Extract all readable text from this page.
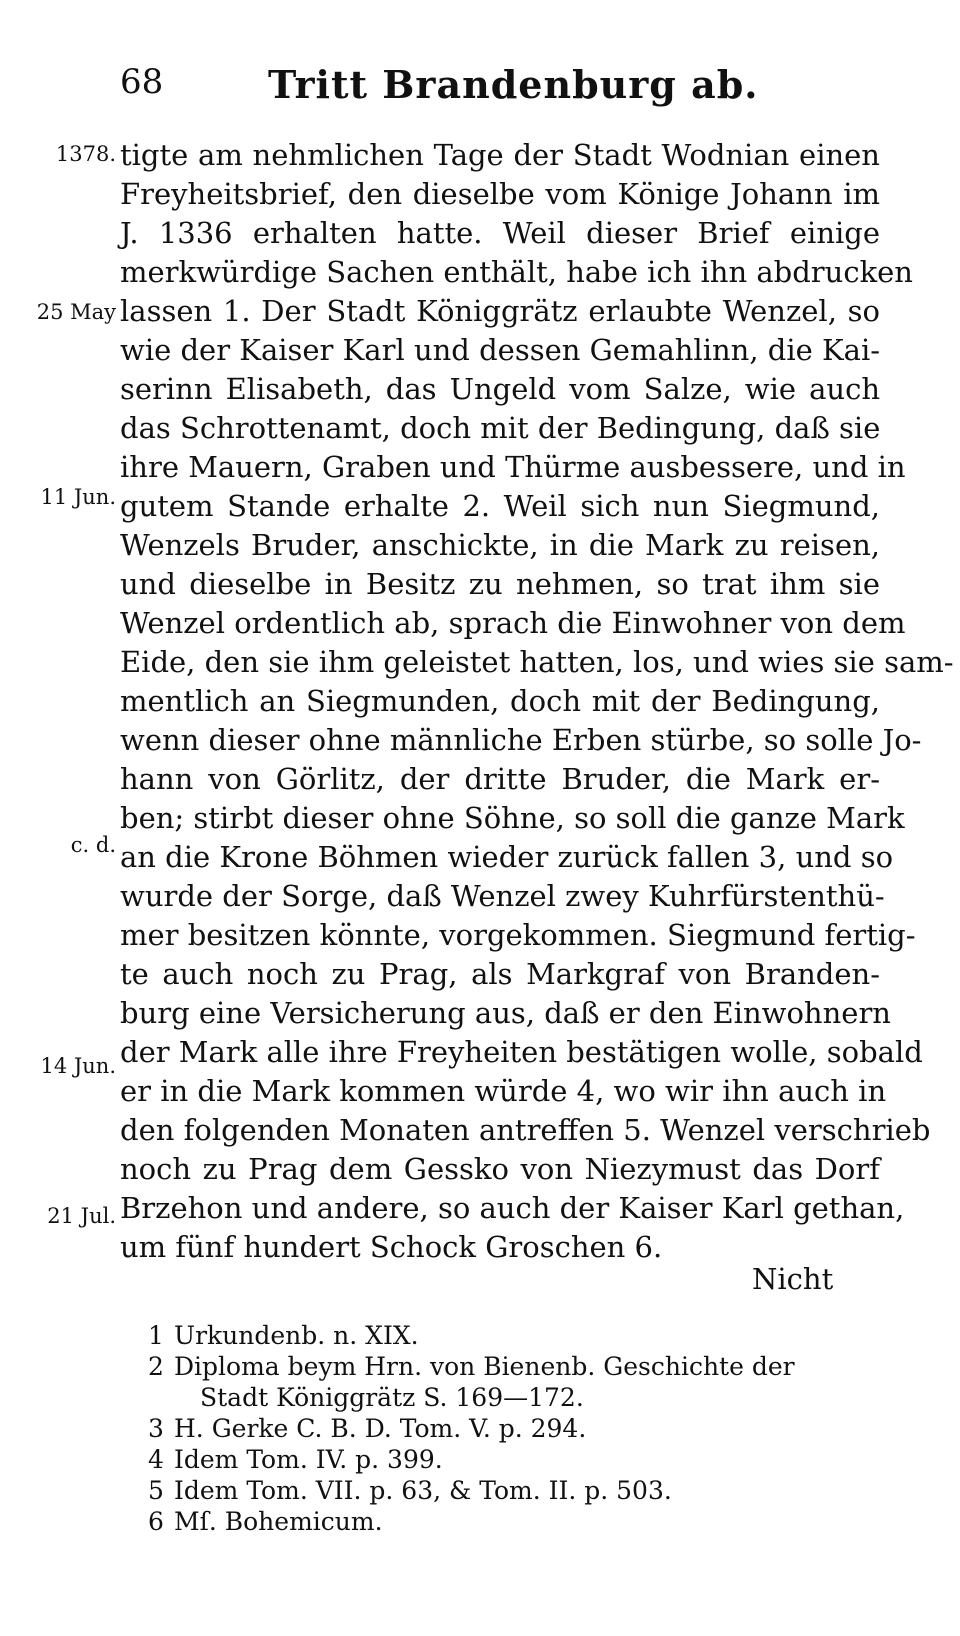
68	Tritt Brandenburg ab.
1378.
25 May
11 Jun.
c. d.
14 Jun.
21 Jul.
tigte am nehmlichen Tage der Stadt Wodnian einen
Freyheitsbrief, den dieselbe vom Könige Johann im
J. 1336 erhalten hatte. Weil dieser Brief einige
merkwürdige Sachen enthält, habe ich ihn abdrucken
lassen 1. Der Stadt Königgrätz erlaubte Wenzel, so
wie der Kaiser Karl und dessen Gemahlinn, die Kai-
serinn Elisabeth, das Ungeld vom Salze, wie auch
das Schrottenamt, doch mit der Bedingung, daß sie
ihre Mauern, Graben und Thürme ausbessere, und in
gutem Stande erhalte 2. Weil sich nun Siegmund,
Wenzels Bruder, anschickte, in die Mark zu reisen,
und dieselbe in Besitz zu nehmen, so trat ihm sie
Wenzel ordentlich ab, sprach die Einwohner von dem
Eide, den sie ihm geleistet hatten, los, und wies sie sam-
mentlich an Siegmunden, doch mit der Bedingung,
wenn dieser ohne männliche Erben stürbe, so solle Jo-
hann von Görlitz, der dritte Bruder, die Mark er-
ben; stirbt dieser ohne Söhne, so soll die ganze Mark
an die Krone Böhmen wieder zurück fallen 3, und so
wurde der Sorge, daß Wenzel zwey Kuhrfürstenthü-
mer besitzen könnte, vorgekommen. Siegmund fertig-
te auch noch zu Prag, als Markgraf von Branden-
burg eine Versicherung aus, daß er den Einwohnern
der Mark alle ihre Freyheiten bestätigen wolle, sobald
er in die Mark kommen würde 4, wo wir ihn auch in
den folgenden Monaten antreffen 5. Wenzel verschrieb
noch zu Prag dem Gessko von Niezymust das Dorf
Brzehon und andere, so auch der Kaiser Karl gethan,
um fünf hundert Schock Groschen 6.
Nicht
1 Urkundenb. n. XIX.
2 Diploma beym Hrn. von Bienenb. Geschichte der
Stadt Königgrätz S. 169—172.
3 H. Gerke C. B. D. Tom. V. p. 294.
4 Idem Tom. IV. p. 399.
5 Idem Tom. VII. p. 63, & Tom. II. p. 503.
6 Mſ. Bohemicum.
